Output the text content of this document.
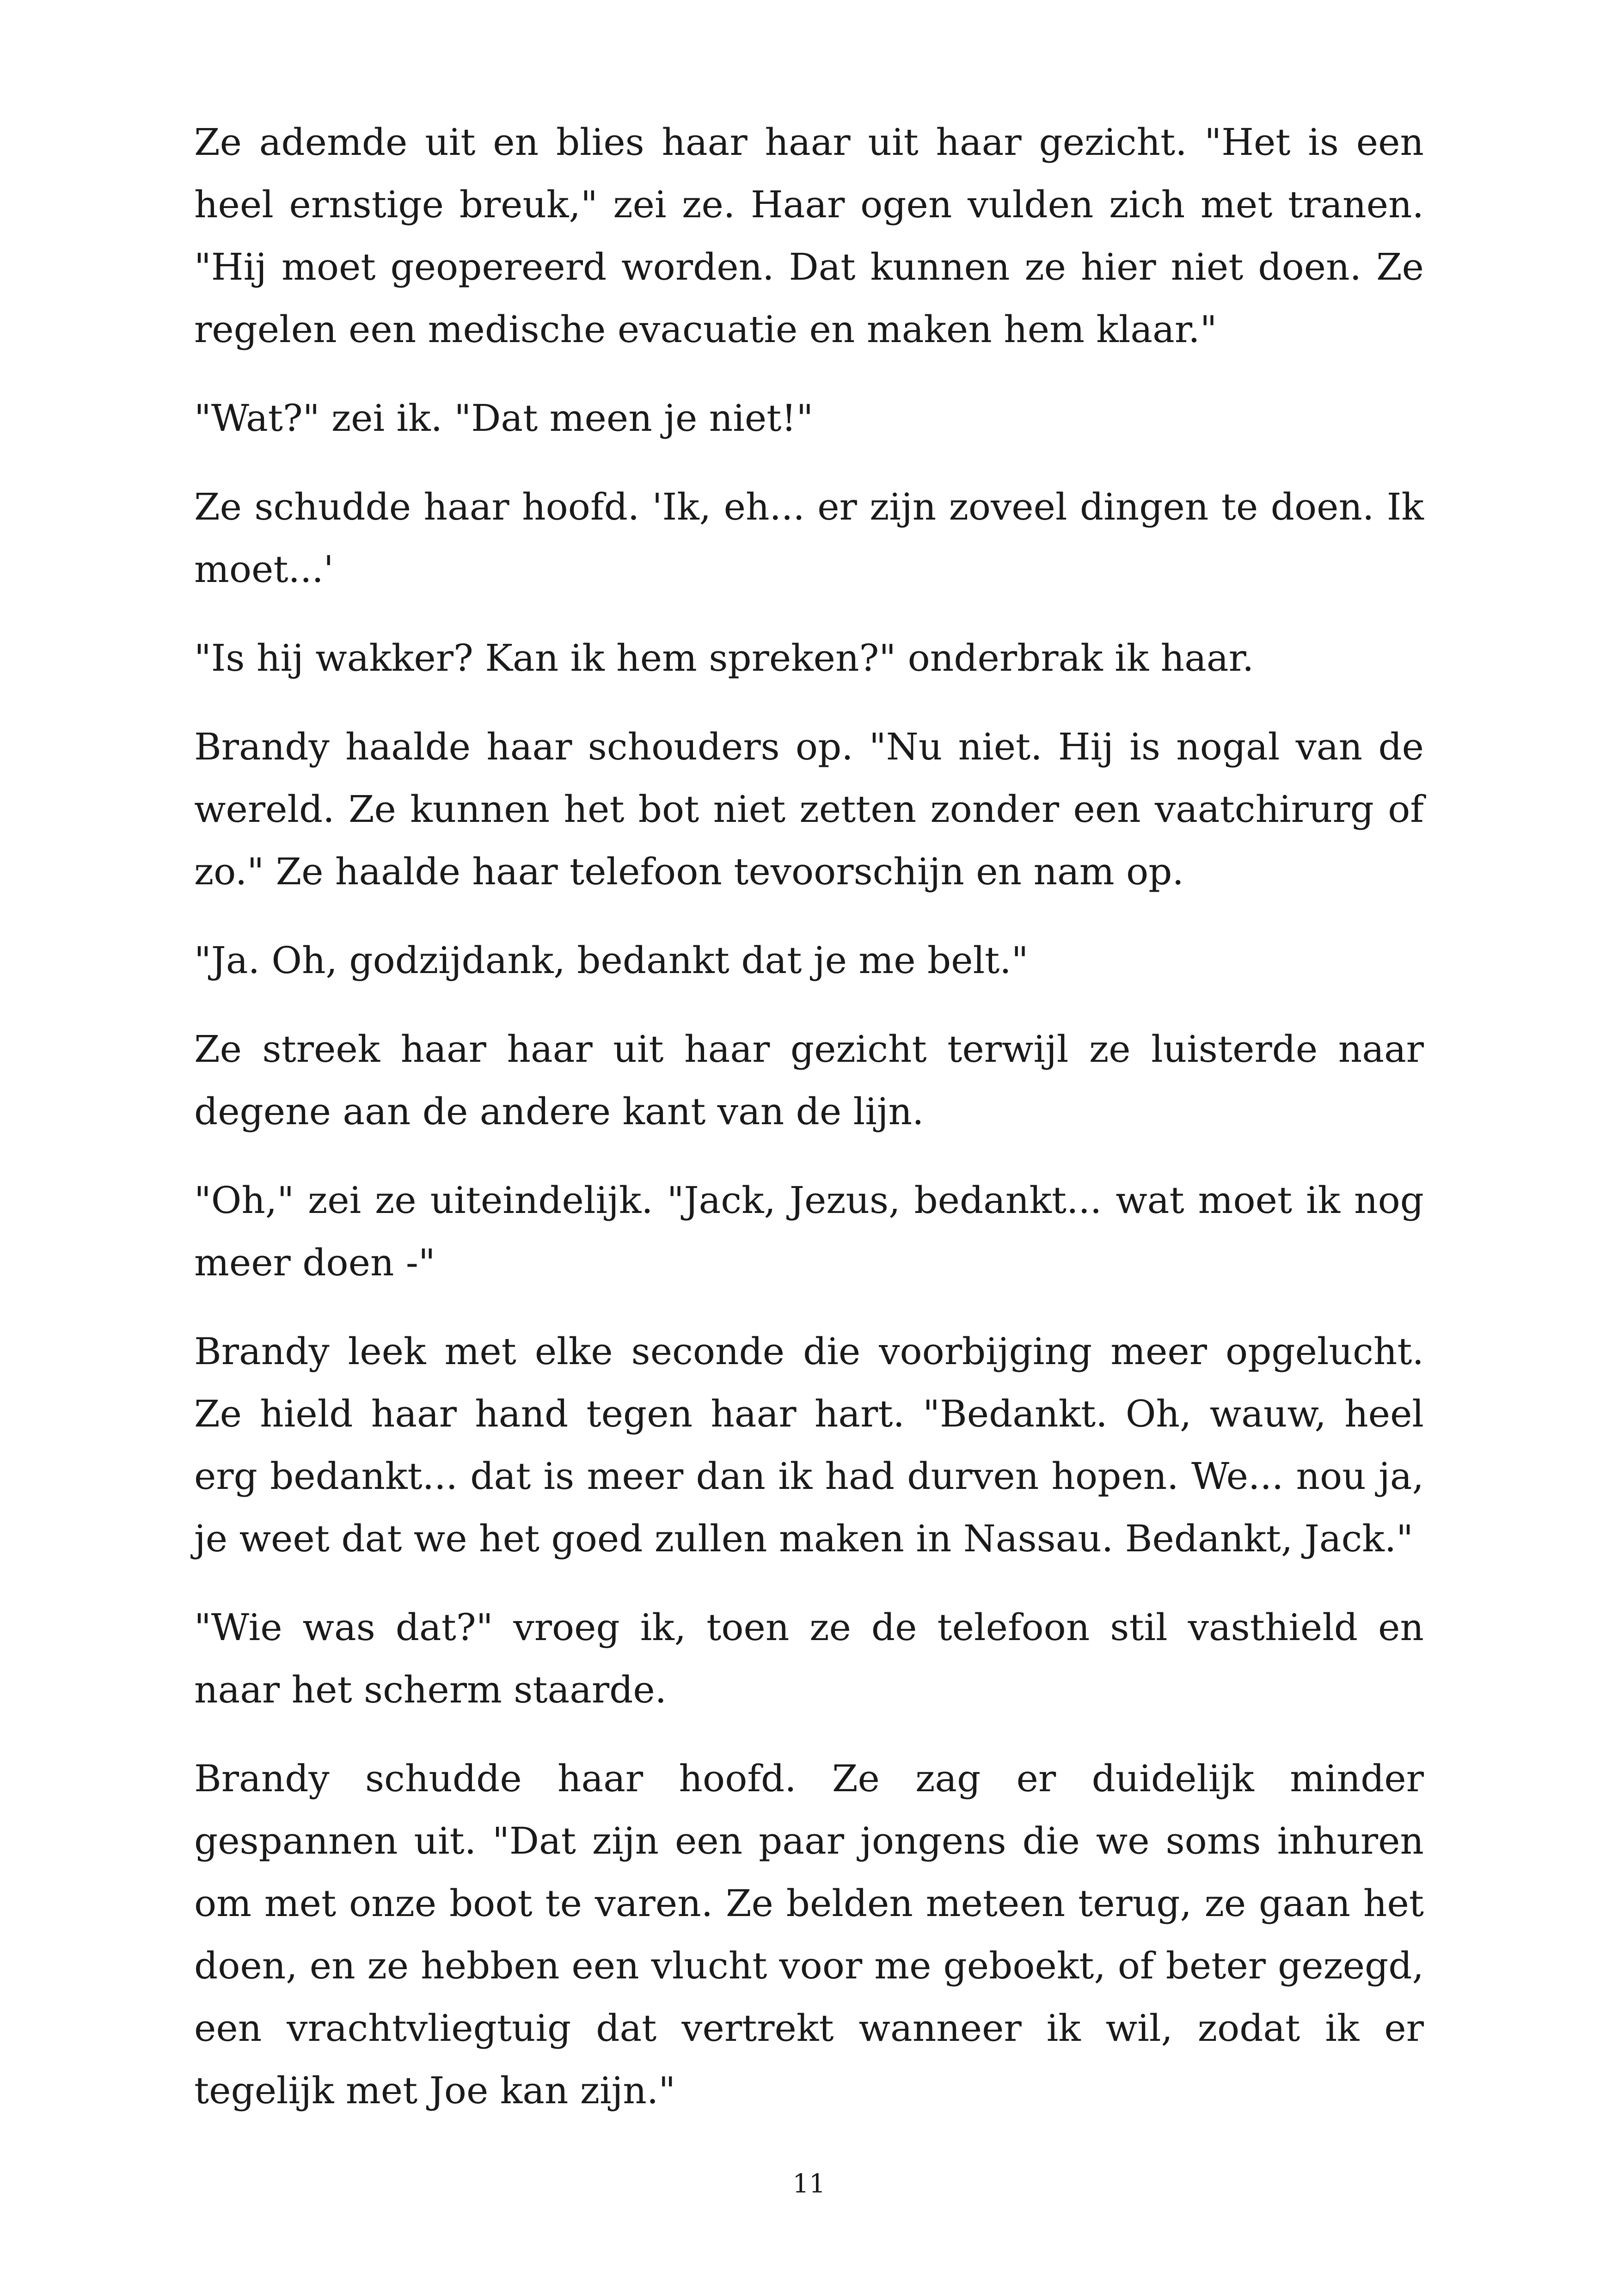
Ze ademde uit en blies haar haar uit haar gezicht. "Het is een heel ernstige breuk," zei ze. Haar ogen vulden zich met tranen. "Hij moet geopereerd worden. Dat kunnen ze hier niet doen. Ze regelen een medische evacuatie en maken hem klaar."

"Wat?" zei ik. "Dat meen je niet!"

Ze schudde haar hoofd. 'Ik, eh... er zijn zoveel dingen te doen. Ik moet...'

"Is hij wakker? Kan ik hem spreken?" onderbrak ik haar.

Brandy haalde haar schouders op. "Nu niet. Hij is nogal van de wereld. Ze kunnen het bot niet zetten zonder een vaatchirurg of zo." Ze haalde haar telefoon tevoorschijn en nam op.

"Ja. Oh, godzijdank, bedankt dat je me belt."

Ze streek haar haar uit haar gezicht terwijl ze luisterde naar degene aan de andere kant van de lijn.

"Oh," zei ze uiteindelijk. "Jack, Jezus, bedankt... wat moet ik nog meer doen -"

Brandy leek met elke seconde die voorbijging meer opgelucht. Ze hield haar hand tegen haar hart. "Bedankt. Oh, wauw, heel erg bedankt... dat is meer dan ik had durven hopen. We... nou ja, je weet dat we het goed zullen maken in Nassau. Bedankt, Jack."

"Wie was dat?" vroeg ik, toen ze de telefoon stil vasthield en naar het scherm staarde.

Brandy schudde haar hoofd. Ze zag er duidelijk minder gespannen uit. "Dat zijn een paar jongens die we soms inhuren om met onze boot te varen. Ze belden meteen terug, ze gaan het doen, en ze hebben een vlucht voor me geboekt, of beter gezegd, een vrachtvliegtuig dat vertrekt wanneer ik wil, zodat ik er tegelijk met Joe kan zijn."

11
